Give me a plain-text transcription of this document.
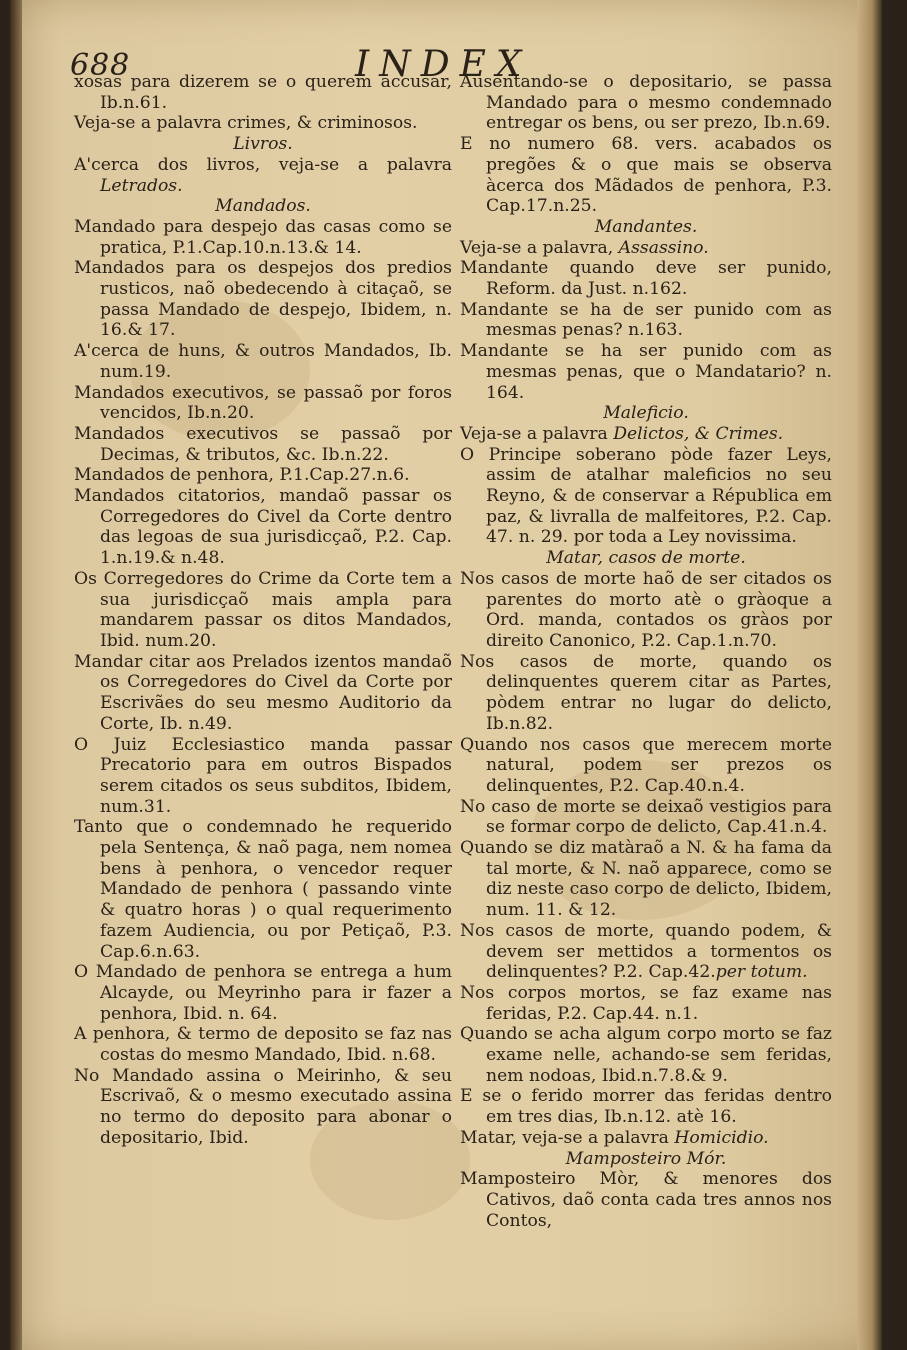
688	INDEX

xosas para dizerem se o querem accusar, Ib.n.61.

Veja-se a palavra crimes, & criminosos.

Livros.

A'cerca dos livros, veja-se a palavra Letrados.

Mandados.

Mandado para despejo das casas como se pratica, P.1.Cap.10.n.13.& 14.

Mandados para os despejos dos predios rusticos, naõ obedecendo à citaçaõ, se passa Mandado de despejo, Ibidem, n. 16.& 17.

A'cerca de huns, & outros Mandados, Ib. num.19.

Mandados executivos, se passaõ por foros vencidos, Ib.n.20.

Mandados executivos se passaõ por Decimas, & tributos, &c. Ib.n.22.

Mandados de penhora, P.1.Cap.27.n.6.

Mandados citatorios, mandaõ passar os Corregedores do Civel da Corte dentro das legoas de sua jurisdicçaõ, P.2. Cap. 1.n.19.& n.48.

Os Corregedores do Crime da Corte tem a sua jurisdicçaõ mais ampla para mandarem passar os ditos Mandados, Ibid. num.20.

Mandar citar aos Prelados izentos mandaõ os Corregedores do Civel da Corte por Escrivães do seu mesmo Auditorio da Corte, Ib. n.49.

O Juiz Ecclesiastico manda passar Precatorio para em outros Bispados serem citados os seus subditos, Ibidem, num.31.

Tanto que o condemnado he requerido pela Sentença, & naõ paga, nem nomea bens à penhora, o vencedor requer Mandado de penhora ( passando vinte & quatro horas ) o qual requerimento fazem Audiencia, ou por Petiçaõ, P.3. Cap.6.n.63.

O Mandado de penhora se entrega a hum Alcayde, ou Meyrinho para ir fazer a penhora, Ibid. n. 64.

A penhora, & termo de deposito se faz nas costas do mesmo Mandado, Ibid. n.68.

No Mandado assina o Meirinho, & seu Escrivaõ, & o mesmo executado assina no termo do deposito para abonar o depositario, Ibid.

Ausentando-se o depositario, se passa Mandado para o mesmo condemnado entregar os bens, ou ser prezo, Ib.n.69.

E no numero 68. vers. acabados os pregões & o que mais se observa àcerca dos Mãdados de penhora, P.3. Cap.17.n.25.

Mandantes.

Veja-se a palavra, Assassino.

Mandante quando deve ser punido, Reform. da Just. n.162.

Mandante se ha de ser punido com as mesmas penas? n.163.

Mandante se ha ser punido com as mesmas penas, que o Mandatario? n. 164.

Maleficio.

Veja-se a palavra Delictos, & Crimes.

O Principe soberano pòde fazer Leys, assim de atalhar maleficios no seu Reyno, & de conservar a Républica em paz, & livralla de malfeitores, P.2. Cap. 47. n. 29. por toda a Ley novissima.

Matar, casos de morte.

Nos casos de morte haõ de ser citados os parentes do morto atè o gràoque a Ord. manda, contados os gràos por direito Canonico, P.2. Cap.1.n.70.

Nos casos de morte, quando os delinquentes querem citar as Partes, pòdem entrar no lugar do delicto, Ib.n.82.

Quando nos casos que merecem morte natural, podem ser prezos os delinquentes, P.2. Cap.40.n.4.

No caso de morte se deixaõ vestigios para se formar corpo de delicto, Cap.41.n.4.

Quando se diz matàraõ a N. & ha fama da tal morte, & N. naõ apparece, como se diz neste caso corpo de delicto, Ibidem, num. 11. & 12.

Nos casos de morte, quando podem, & devem ser mettidos a tormentos os delinquentes? P.2. Cap.42.per totum.

Nos corpos mortos, se faz exame nas feridas, P.2. Cap.44. n.1.

Quando se acha algum corpo morto se faz exame nelle, achando-se sem feridas, nem nodoas, Ibid.n.7.8.& 9.

E se o ferido morrer das feridas dentro em tres dias, Ib.n.12. atè 16.

Matar, veja-se a palavra Homicidio.

Mamposteiro Mór.

Mamposteiro Mòr, & menores dos Cativos, daõ conta cada tres annos nos Contos,
